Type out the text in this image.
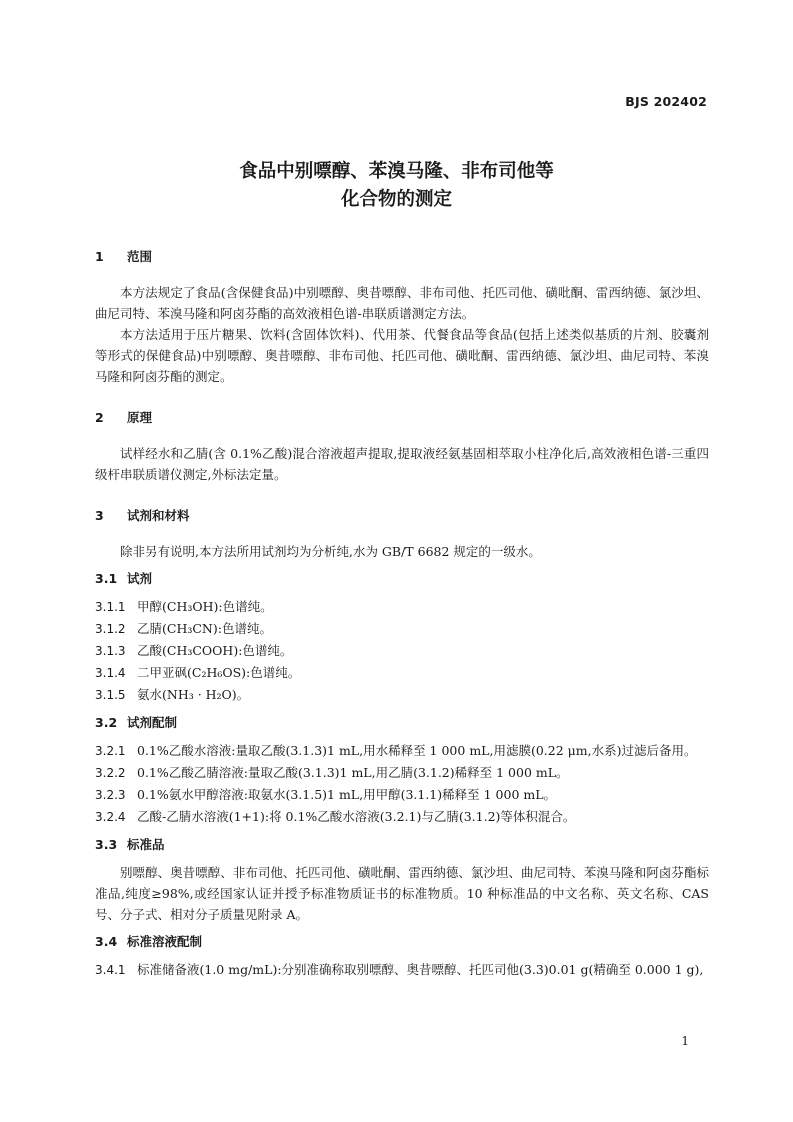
BJS 202402
食品中别嘌醇、苯溴马隆、非布司他等
化合物的测定
1 范围

本方法规定了食品(含保健食品)中别嘌醇、奥昔嘌醇、非布司他、托匹司他、磺吡酮、雷西纳德、氯沙坦、曲尼司特、苯溴马隆和阿卤芬酯的高效液相色谱-串联质谱测定方法。

本方法适用于压片糖果、饮料(含固体饮料)、代用茶、代餐食品等食品(包括上述类似基质的片剂、胶囊剂等形式的保健食品)中别嘌醇、奥昔嘌醇、非布司他、托匹司他、磺吡酮、雷西纳德、氯沙坦、曲尼司特、苯溴马隆和阿卤芬酯的测定。

2 原理

试样经水和乙腈(含 0.1%乙酸)混合溶液超声提取,提取液经氨基固相萃取小柱净化后,高效液相色谱-三重四级杆串联质谱仪测定,外标法定量。

3 试剂和材料

除非另有说明,本方法所用试剂均为分析纯,水为 GB/T 6682 规定的一级水。

3.1 试剂

3.1.1 甲醇(CH₃OH):色谱纯。

3.1.2 乙腈(CH₃CN):色谱纯。

3.1.3 乙酸(CH₃COOH):色谱纯。

3.1.4 二甲亚砜(C₂H₆OS):色谱纯。

3.1.5 氨水(NH₃ · H₂O)。

3.2 试剂配制

3.2.1 0.1%乙酸水溶液:量取乙酸(3.1.3)1 mL,用水稀释至 1 000 mL,用滤膜(0.22 μm,水系)过滤后备用。

3.2.2 0.1%乙酸乙腈溶液:量取乙酸(3.1.3)1 mL,用乙腈(3.1.2)稀释至 1 000 mL。

3.2.3 0.1%氨水甲醇溶液:取氨水(3.1.5)1 mL,用甲醇(3.1.1)稀释至 1 000 mL。

3.2.4 乙酸-乙腈水溶液(1+1):将 0.1%乙酸水溶液(3.2.1)与乙腈(3.1.2)等体积混合。

3.3 标准品

别嘌醇、奥昔嘌醇、非布司他、托匹司他、磺吡酮、雷西纳德、氯沙坦、曲尼司特、苯溴马隆和阿卤芬酯标准品,纯度≥98%,或经国家认证并授予标准物质证书的标准物质。10 种标准品的中文名称、英文名称、CAS 号、分子式、相对分子质量见附录 A。

3.4 标准溶液配制

3.4.1 标准储备液(1.0 mg/mL):分别准确称取别嘌醇、奥昔嘌醇、托匹司他(3.3)0.01 g(精确至 0.000 1 g),

1
